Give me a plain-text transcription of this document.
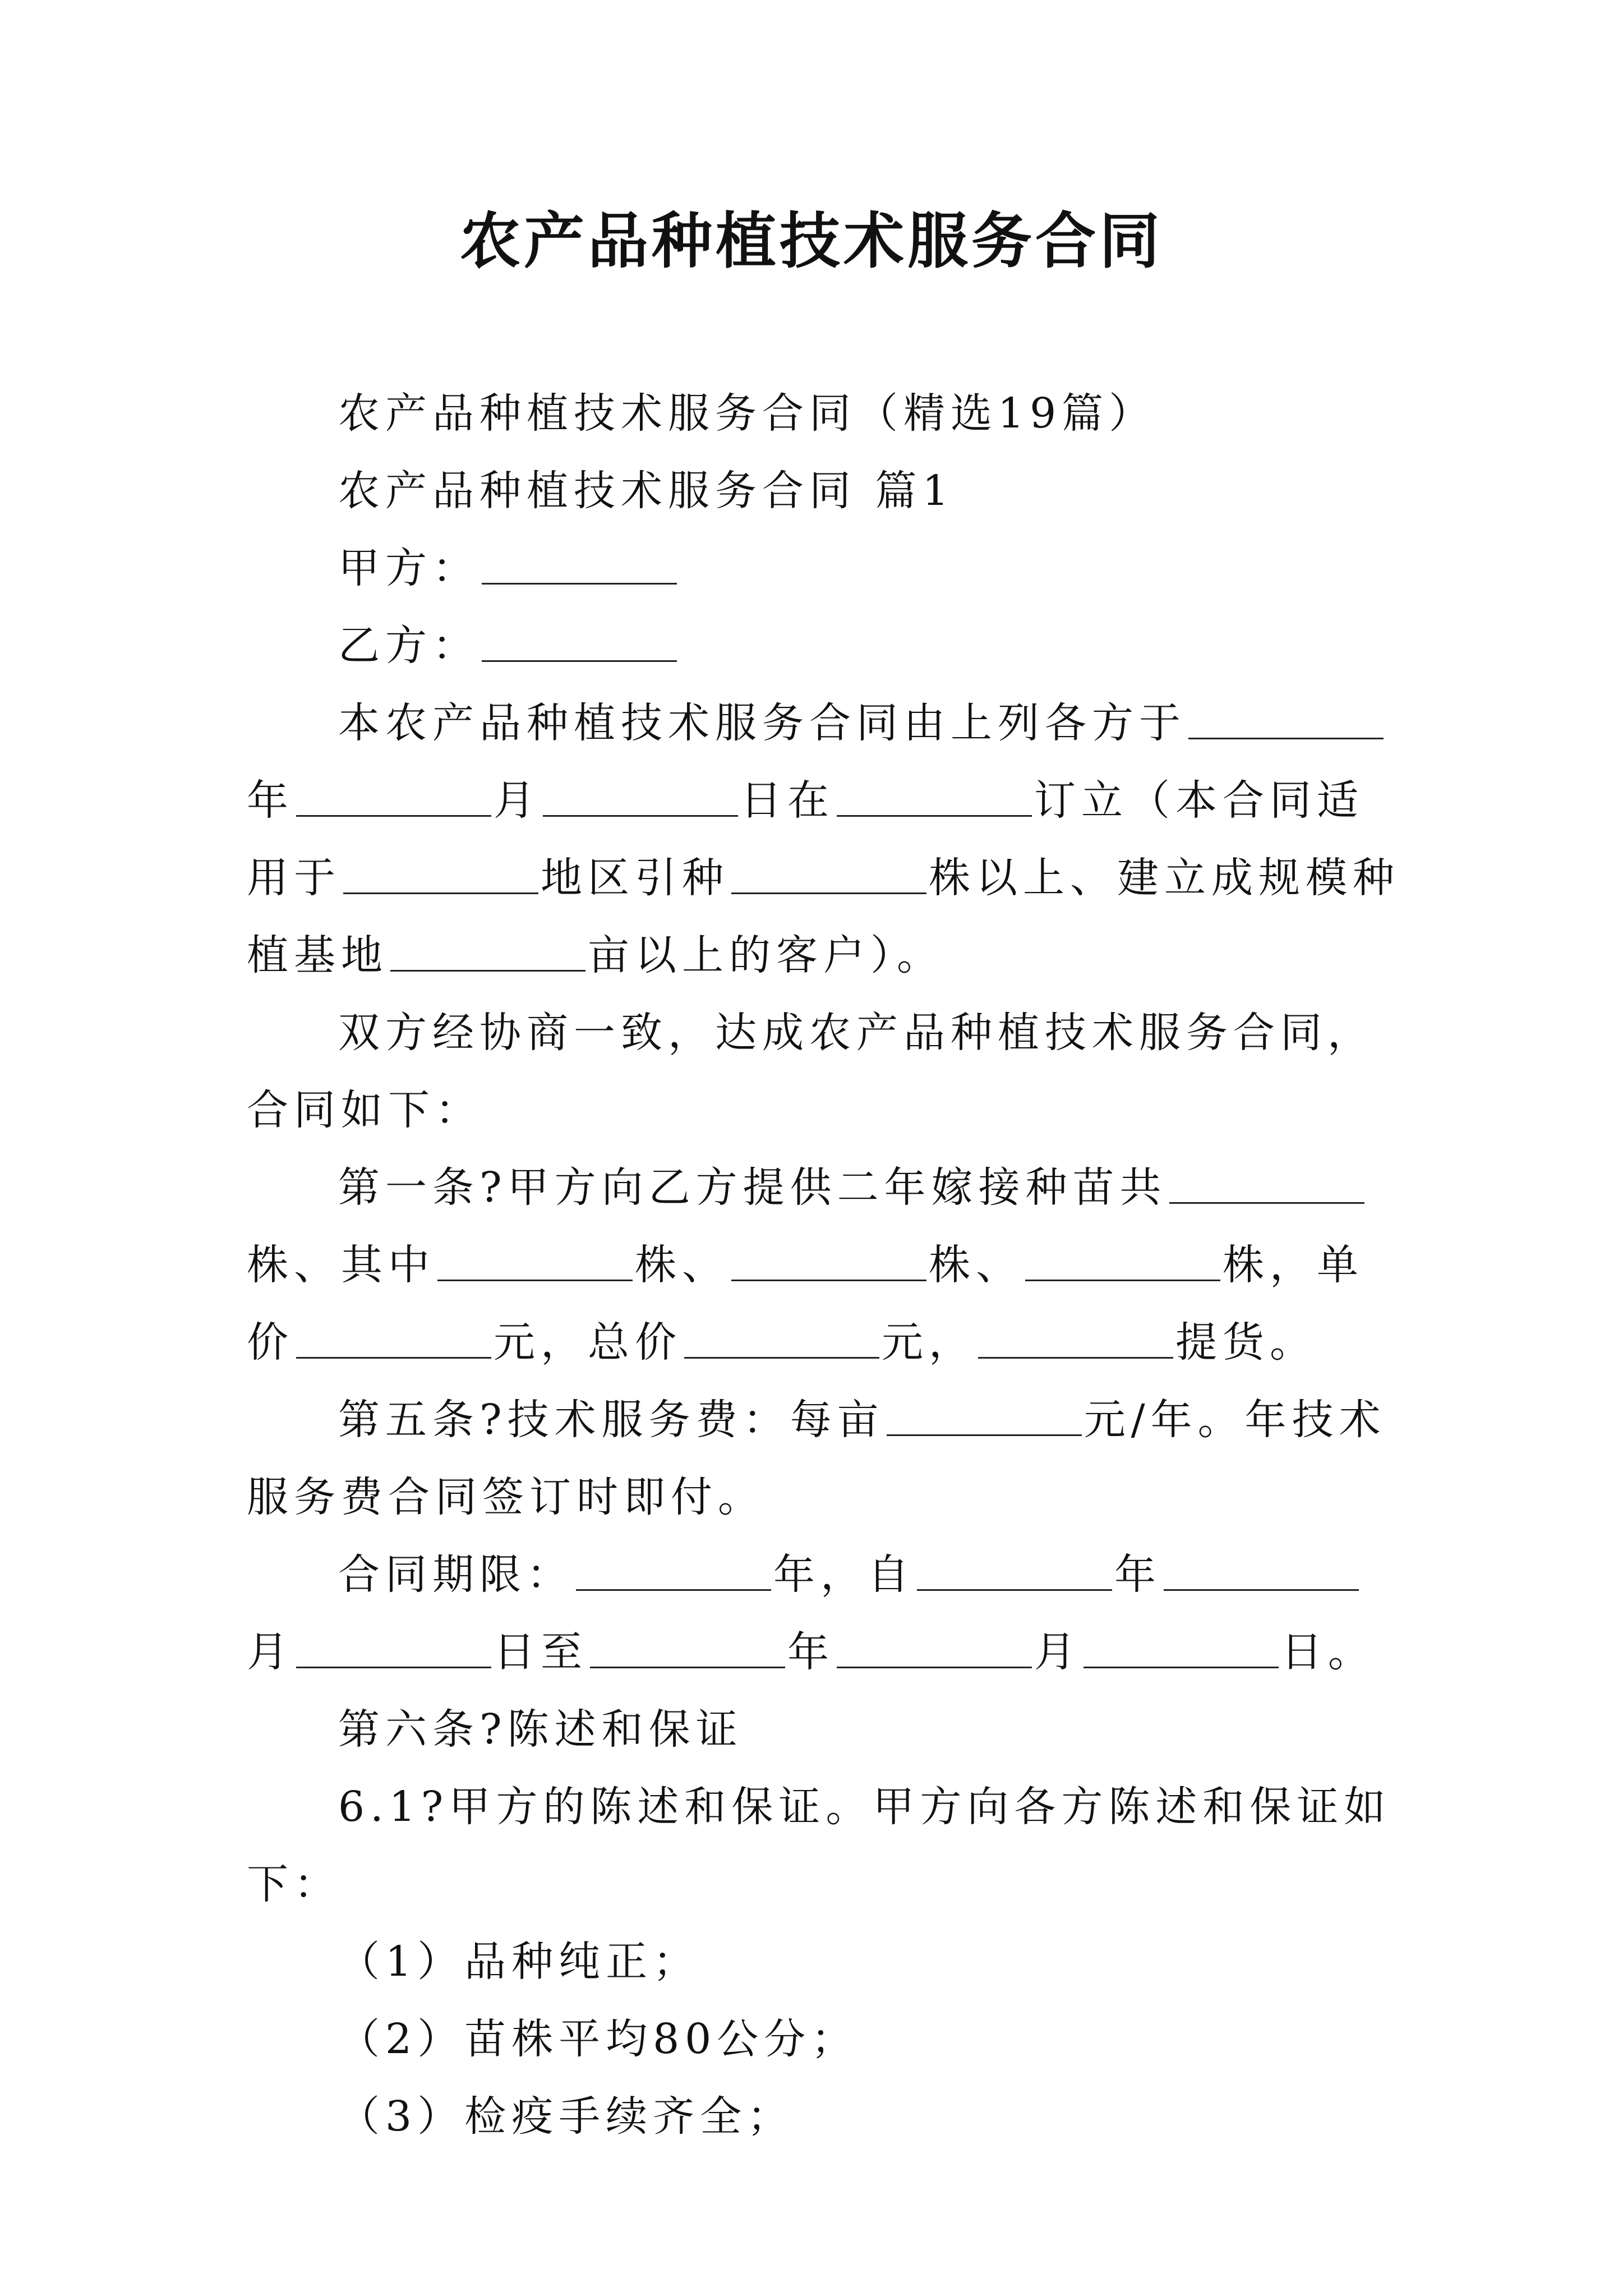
农产品种植技术服务合同

农产品种植技术服务合同（精选19篇）

农产品种植技术服务合同 篇1

甲方：

乙方：

本农产品种植技术服务合同由上列各方于年	月	日在	订立（本合同适用于	地区引种	株以上、建立成规模种植基地	亩以上的客户）。

双方经协商一致，达成农产品种植技术服务合同，合同如下：

第一条?甲方向乙方提供二年嫁接种苗共株、其中	株、	株、	株，单价	元，总价	元，	提货。

第五条?技术服务费：每亩	元/年。年技术服务费合同签订时即付。

合同期限：	年，自	年月	日至	年	月	日。

第六条?陈述和保证

6.1?甲方的陈述和保证。甲方向各方陈述和保证如下：

（1）品种纯正；

（2）苗株平均80公分；

（3）检疫手续齐全；
